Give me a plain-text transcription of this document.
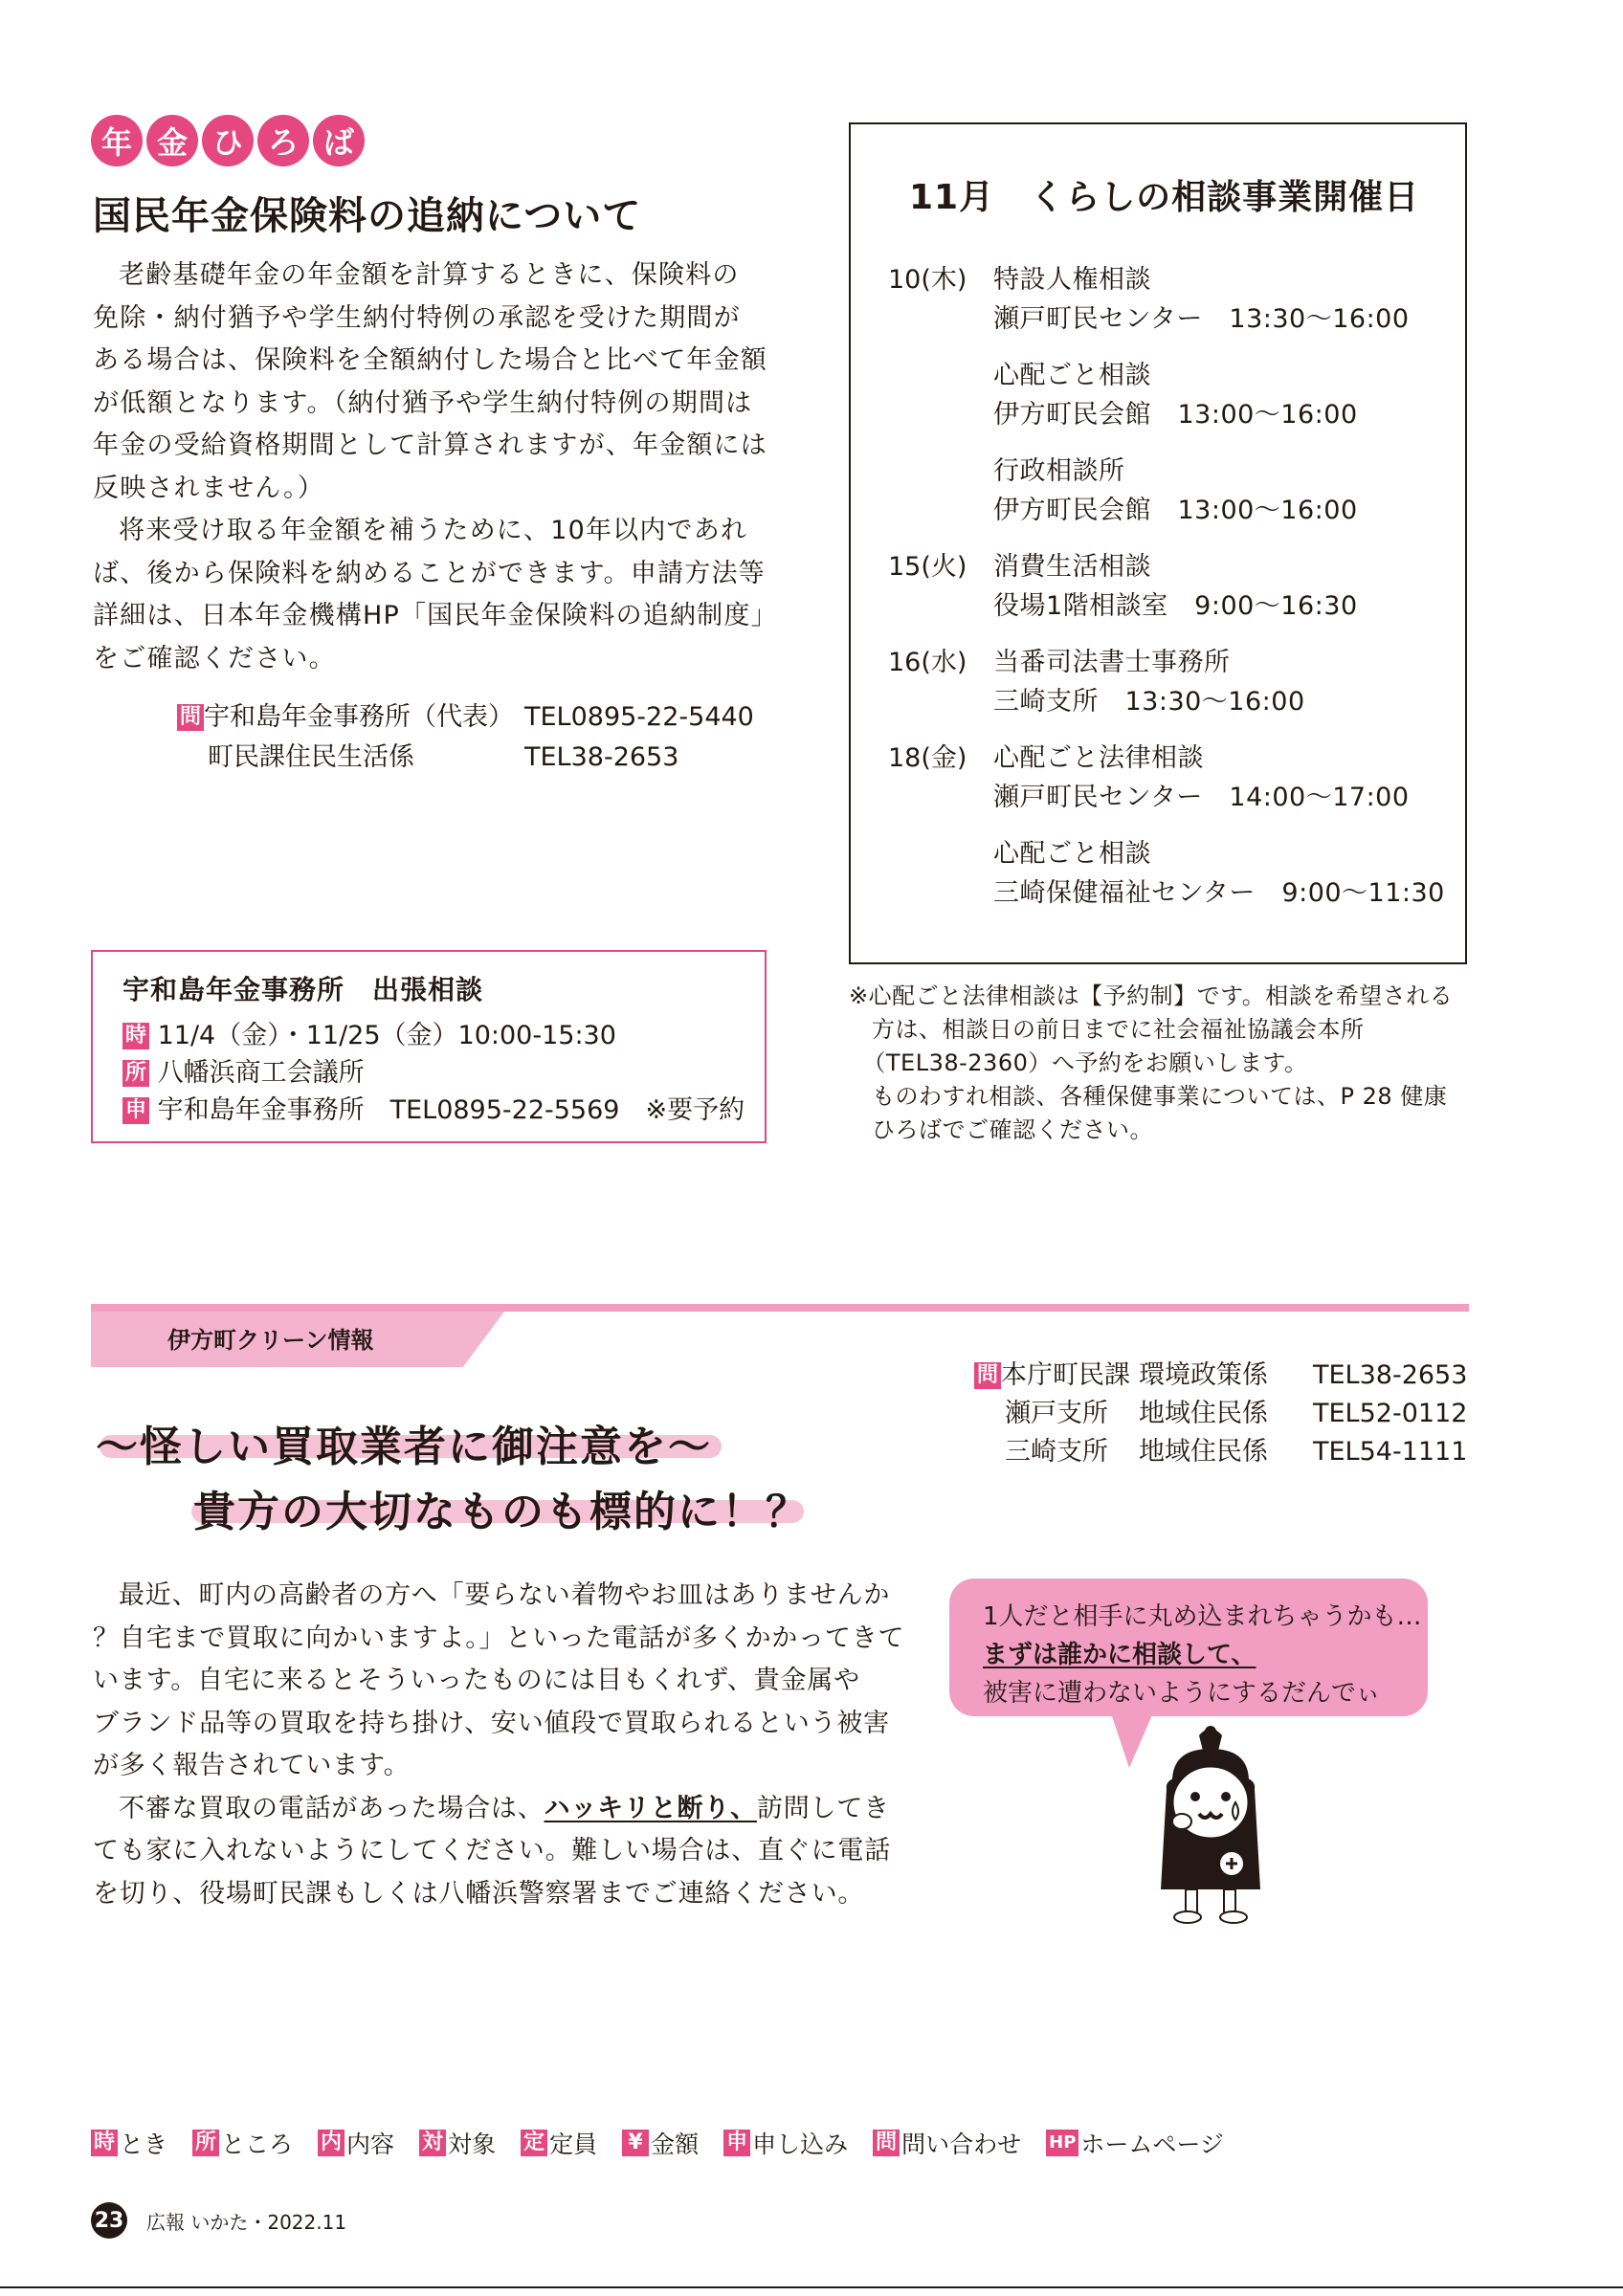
年 金 ひ ろ ば
国民年金保険料の追納について
老齢基礎年金の年金額を計算するときに、保険料の
免除・納付猶予や学生納付特例の承認を受けた期間が
ある場合は、保険料を全額納付した場合と比べて年金額
が低額となります。（納付猶予や学生納付特例の期間は
年金の受給資格期間として計算されますが、年金額には
反映されません。）
将来受け取る年金額を補うために、10年以内であれ
ば、後から保険料を納めることができます。申請方法等
詳細は、日本年金機構HP「国民年金保険料の追納制度」
をご確認ください。
問 宇和島年金事務所（代表） TEL0895-22-5440
町民課住民生活係	TEL38-2653
11月　くらしの相談事業開催日
10(木) 特設人権相談
瀬戸町民センター　13:30～16:00
心配ごと相談
伊方町民会館　13:00～16:00
行政相談所
伊方町民会館　13:00～16:00
15(火) 消費生活相談
役場1階相談室　9:00～16:30
16(水) 当番司法書士事務所
三崎支所　13:30～16:00
18(金) 心配ごと法律相談
瀬戸町民センター　14:00～17:00
心配ごと相談
三崎保健福祉センター　9:00～11:30
※心配ごと法律相談は【予約制】です。相談を希望される
方は、相談日の前日までに社会福祉協議会本所
（TEL38-2360）へ予約をお願いします。
ものわすれ相談、各種保健事業については、P 28 健康
ひろばでご確認ください。
宇和島年金事務所　出張相談
時 11/4（金）・11/25（金）10:00-15:30
所 八幡浜商工会議所
申 宇和島年金事務所　TEL0895-22-5569　※要予約
伊方町クリーン情報
問 本庁町民課 環境政策係 TEL38-2653
瀬戸支所 地域住民係 TEL52-0112
三崎支所 地域住民係 TEL54-1111
～怪しい買取業者に御注意を～
貴方の大切なものも標的に！？
最近、町内の高齢者の方へ「要らない着物やお皿はありませんか
？自宅まで買取に向かいますよ。」といった電話が多くかかってきて
います。自宅に来るとそういったものには目もくれず、貴金属や
ブランド品等の買取を持ち掛け、安い値段で買取られるという被害
が多く報告されています。
不審な買取の電話があった場合は、ハッキリと断り、訪問してき
ても家に入れないようにしてください。難しい場合は、直ぐに電話
を切り、役場町民課もしくは八幡浜警察署までご連絡ください。
1人だと相手に丸め込まれちゃうかも…
まずは誰かに相談して、
被害に遭わないようにするだんでぃ
時 とき 所 ところ 内 内容 対 対象 定 定員 ¥ 金額 申 申し込み 問 問い合わせ HP ホームページ
23 広報 いかた・2022.11
